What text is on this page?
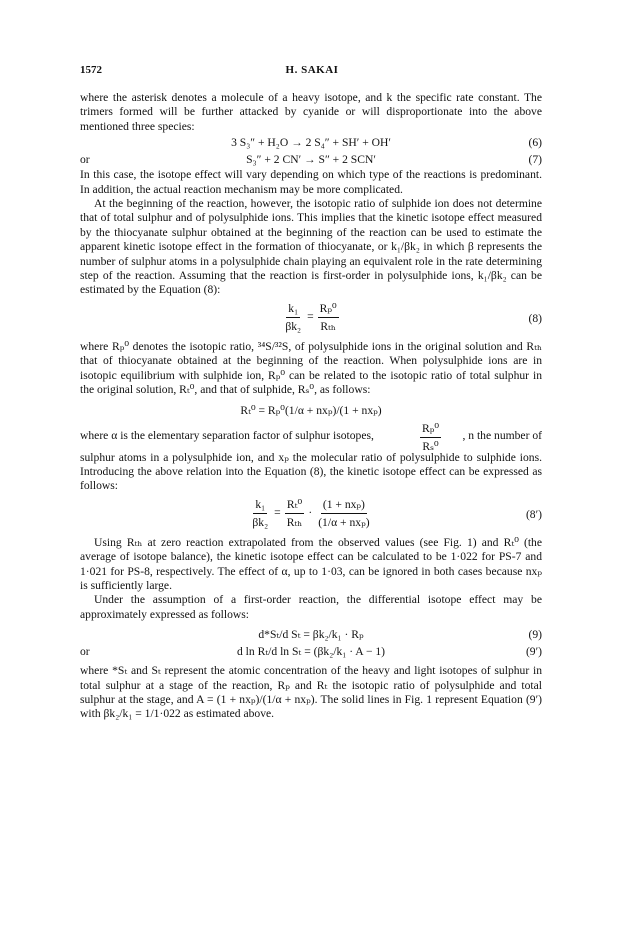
1572	H. SAKAI

where the asterisk denotes a molecule of a heavy isotope, and k the specific rate constant. The trimers formed will be further attacked by cyanide or will disproportionate into the above mentioned three species:

3 S₃″ + H₂O → 2 S₄″ + SH′ + OH′	(6)
or	S₃″ + 2 CN′ → S″ + 2 SCN′	(7)

In this case, the isotope effect will vary depending on which type of the reactions is predominant. In addition, the actual reaction mechanism may be more complicated.

At the beginning of the reaction, however, the isotopic ratio of sulphide ion does not determine that of total sulphur and of polysulphide ions. This implies that the kinetic isotope effect measured by the thiocyanate sulphur obtained at the beginning of the reaction can be used to estimate the apparent kinetic isotope effect in the formation of thiocyanate, or k₁/βk₂ in which β represents the number of sulphur atoms in a polysulphide chain playing an equivalent role in the rate determining step of the reaction. Assuming that the reaction is first-order in polysulphide ions, k₁/βk₂ can be estimated by the Equation (8):

$\frac{\text{k₁}}{\text{βk₂}}$ =
Rₚ⁰
Rₜₕ
(8)

where Rₚ⁰ denotes the isotopic ratio, ³⁴S/³²S, of polysulphide ions in the original solution and Rₜₕ that of thiocyanate obtained at the beginning of the reaction. When polysulphide ions are in isotopic equilibrium with sulphide ion, Rₚ⁰ can be related to the isotopic ratio of total sulphur in the original solution, Rₜ⁰, and that of sulphide, Rₛ⁰, as follows:

Rₜ⁰ = Rₚ⁰(1/α + nxₚ)/(1 + nxₚ)
where α is the elementary separation factor of sulphur isotopes,
Rₚ⁰
Rₛ⁰
, n the number of

sulphur atoms in a polysulphide ion, and xₚ the molecular ratio of polysulphide to sulphide ions. Introducing the above relation into the Equation (8), the kinetic isotope effect can be expressed as follows:

$\frac{\text{k₁}}{\text{βk₂}}$ =
Rₜ⁰
Rₜₕ
·
(1 + nxₚ)
(1/α + nxₚ)
(8′)

Using Rₜₕ at zero reaction extrapolated from the observed values (see Fig. 1) and Rₜ⁰ (the average of isotope balance), the kinetic isotope effect can be calculated to be 1·022 for PS-7 and 1·021 for PS-8, respectively. The effect of α, up to 1·03, can be ignored in both cases because nxₚ is sufficiently large.

Under the assumption of a first-order reaction, the differential isotope effect may be approximately expressed as follows:

d*Sₜ/d Sₜ = βk₂/k₁ · Rₚ	(9)
or	d ln Rₜ/d ln Sₜ = (βk₂/k₁ · A − 1)	(9′)

where *Sₜ and Sₜ represent the atomic concentration of the heavy and light isotopes of sulphur in total sulphur at a stage of the reaction, Rₚ and Rₜ the isotopic ratio of polysulphide and total sulphur at the stage, and A = (1 + nxₚ)/(1/α + nxₚ). The solid lines in Fig. 1 represent Equation (9′) with βk₂/k₁ = 1/1·022 as estimated above.
